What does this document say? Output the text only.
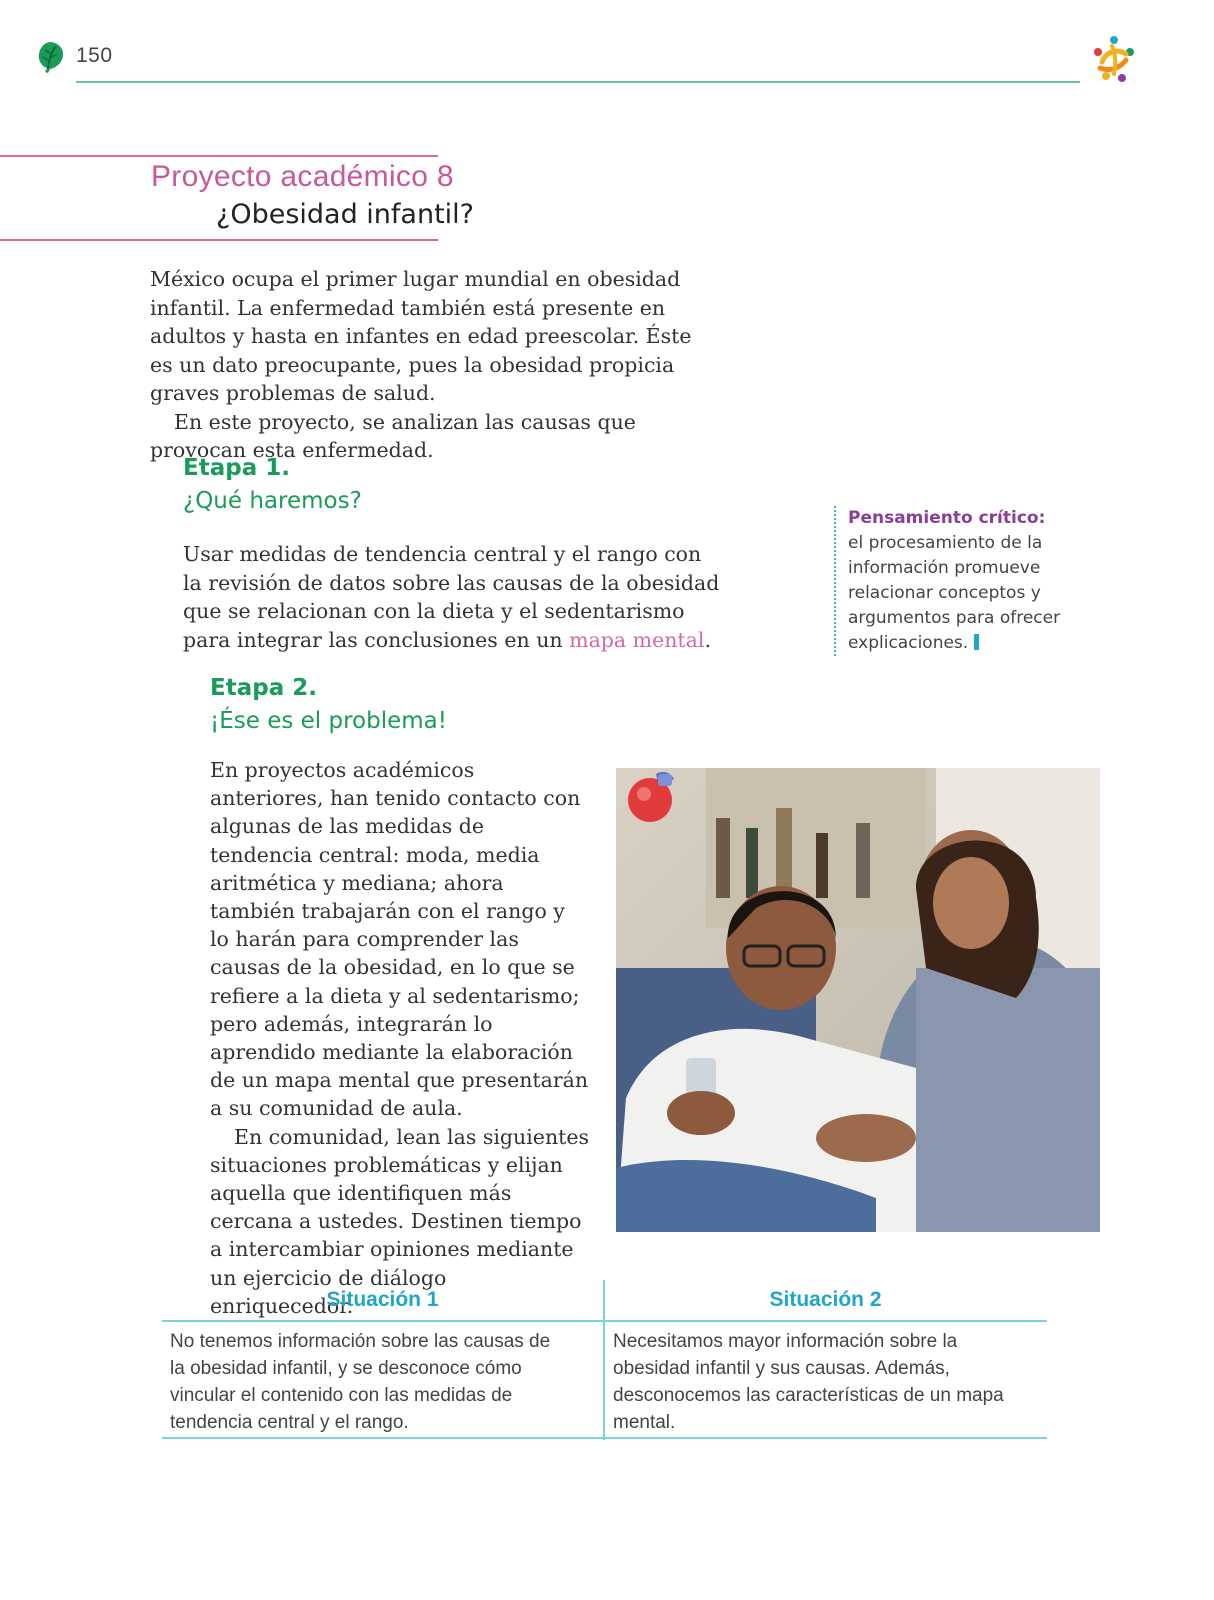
150
Proyecto académico 8
¿Obesidad infantil?

México ocupa el primer lugar mundial en obesidad infantil. La enfermedad también está presente en adultos y hasta en infantes en edad preescolar. Éste es un dato preocupante, pues la obesidad propicia graves problemas de salud.

En este proyecto, se analizan las causas que provocan esta enfermedad.

Etapa 1.
¿Qué haremos?

Usar medidas de tendencia central y el rango con la revisión de datos sobre las causas de la obesidad que se relacionan con la dieta y el sedentarismo para integrar las conclusiones en un mapa mental.

Pensamiento crítico:
el procesamiento de la información promueve relacionar conceptos y argumentos para ofrecer explicaciones.
Etapa 2.
¡Ése es el problema!

En proyectos académicos anteriores, han tenido contacto con algunas de las medidas de tendencia central: moda, media aritmética y mediana; ahora también trabajarán con el rango y lo harán para comprender las causas de la obesidad, en lo que se refiere a la dieta y al sedentarismo; pero además, integrarán lo aprendido mediante la elaboración de un mapa mental que presentarán a su comunidad de aula.

En comunidad, lean las siguientes situaciones problemáticas y elijan aquella que identifiquen más cercana a ustedes. Destinen tiempo a intercambiar opiniones mediante un ejercicio de diálogo enriquecedor.

Situación 1	Situación 2
No tenemos información sobre las causas de la obesidad infantil, y se desconoce cómo vincular el contenido con las medidas de tendencia central y el rango.
Necesitamos mayor información sobre la obesidad infantil y sus causas. Además, desconocemos las características de un mapa mental.
